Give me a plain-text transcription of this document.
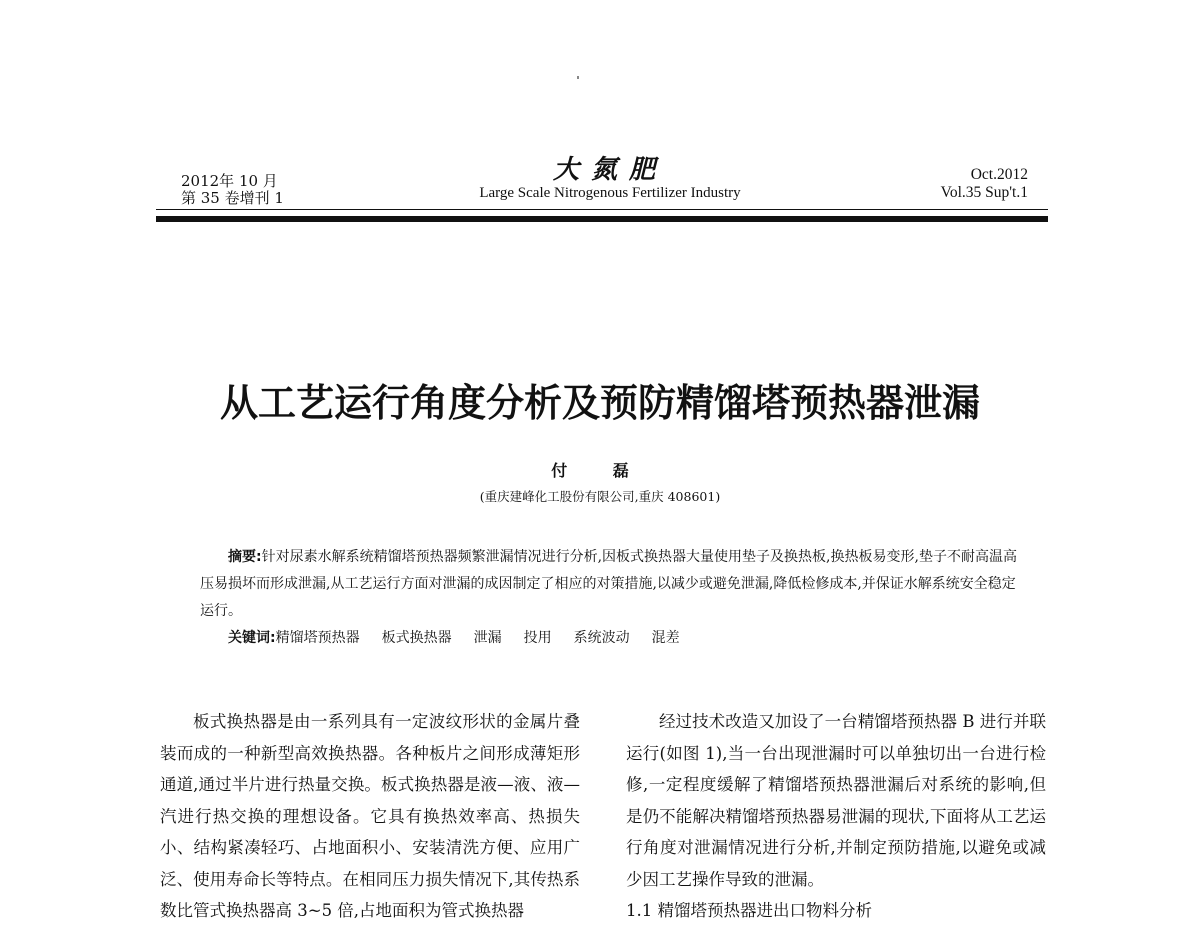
2012年 10 月
第 35 卷增刊 1
大氮肥
Large Scale Nitrogenous Fertilizer Industry
Oct.2012
Vol.35 Sup't.1
从工艺运行角度分析及预防精馏塔预热器泄漏
付 磊
(重庆建峰化工股份有限公司,重庆 408601)

摘要:针对尿素水解系统精馏塔预热器频繁泄漏情况进行分析,因板式换热器大量使用垫子及换热板,换热板易变形,垫子不耐高温高压易损坏而形成泄漏,从工艺运行方面对泄漏的成因制定了相应的对策措施,以减少或避免泄漏,降低检修成本,并保证水解系统安全稳定运行。

关键词:精馏塔预热器 板式换热器 泄漏 投用 系统波动 混差

板式换热器是由一系列具有一定波纹形状的金属片叠装而成的一种新型高效换热器。各种板片之间形成薄矩形通道,通过半片进行热量交换。板式换热器是液—液、液—汽进行热交换的理想设备。它具有换热效率高、热损失小、结构紧凑轻巧、占地面积小、安装清洗方便、应用广泛、使用寿命长等特点。在相同压力损失情况下,其传热系数比管式换热器高 3~5 倍,占地面积为管式换热器

经过技术改造又加设了一台精馏塔预热器 B 进行并联运行(如图 1),当一台出现泄漏时可以单独切出一台进行检修,一定程度缓解了精馏塔预热器泄漏后对系统的影响,但是仍不能解决精馏塔预热器易泄漏的现状,下面将从工艺运行角度对泄漏情况进行分析,并制定预防措施,以避免或减少因工艺操作导致的泄漏。

1.1 精馏塔预热器进出口物料分析
